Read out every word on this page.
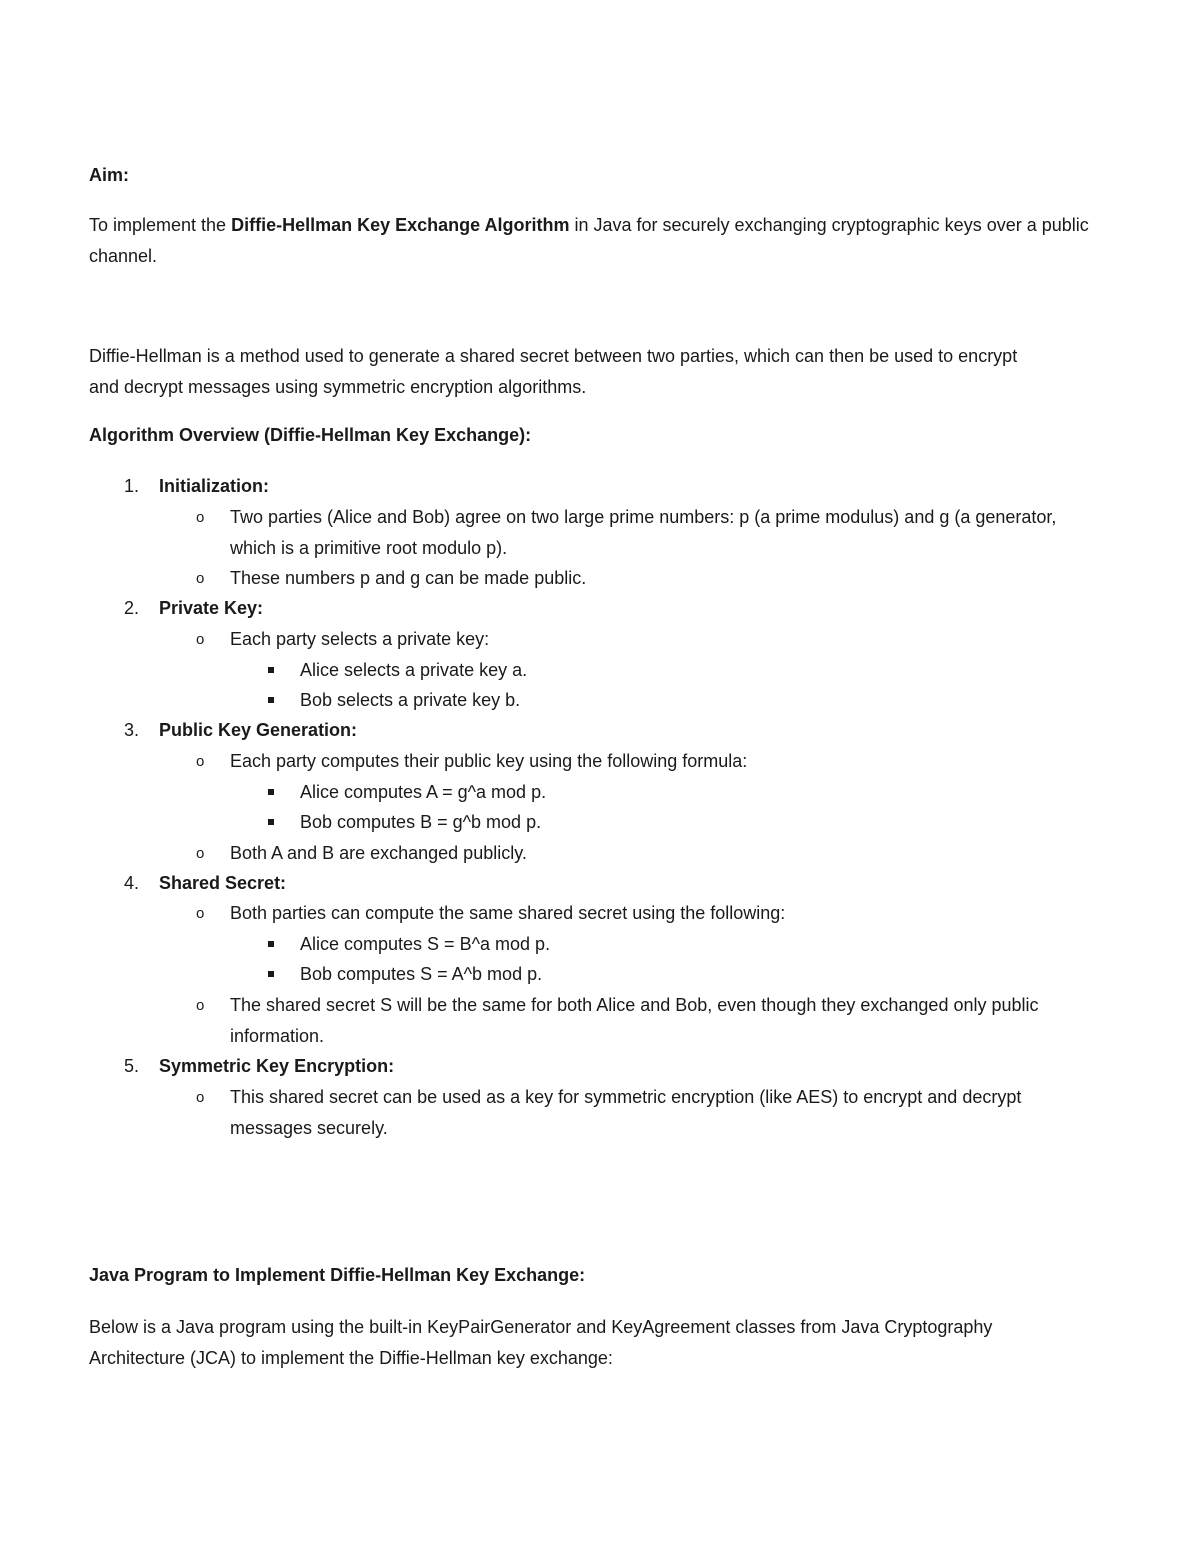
Aim:
To implement the Diffie-Hellman Key Exchange Algorithm in Java for securely exchanging cryptographic keys over a public channel.
Diffie-Hellman is a method used to generate a shared secret between two parties, which can then be used to encrypt and decrypt messages using symmetric encryption algorithms.
Algorithm Overview (Diffie-Hellman Key Exchange):
1.	Initialization:
o Two parties (Alice and Bob) agree on two large prime numbers: p (a prime modulus) and g (a generator, which is a primitive root modulo p).
o These numbers p and g can be made public.
2.	Private Key:
o Each party selects a private key:
Alice selects a private key a.
Bob selects a private key b.
3.	Public Key Generation:
o Each party computes their public key using the following formula:
Alice computes A = g^a mod p.
Bob computes B = g^b mod p.
o Both A and B are exchanged publicly.
4.	Shared Secret:
o Both parties can compute the same shared secret using the following:
Alice computes S = B^a mod p.
Bob computes S = A^b mod p.
o The shared secret S will be the same for both Alice and Bob, even though they exchanged only public information.
5.	Symmetric Key Encryption:
o This shared secret can be used as a key for symmetric encryption (like AES) to encrypt and decrypt messages securely.
Java Program to Implement Diffie-Hellman Key Exchange:
Below is a Java program using the built-in KeyPairGenerator and KeyAgreement classes from Java Cryptography Architecture (JCA) to implement the Diffie-Hellman key exchange:
